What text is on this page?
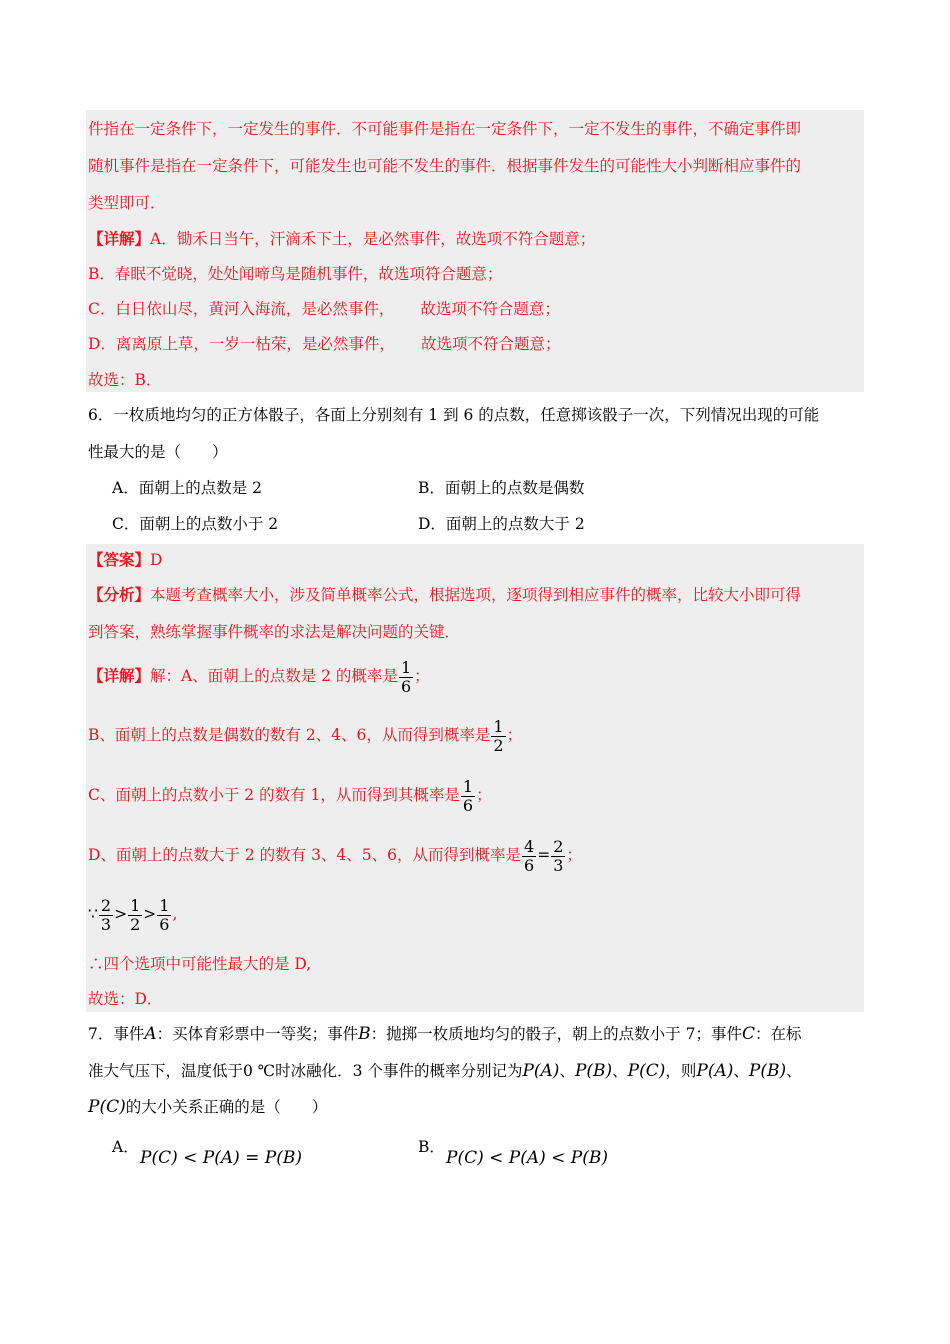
件指在一定条件下，一定发生的事件．不可能事件是指在一定条件下，一定不发生的事件，不确定事件即
随机事件是指在一定条件下，可能发生也可能不发生的事件．根据事件发生的可能性大小判断相应事件的
类型即可．
【详解】A．锄禾日当午，汗滴禾下土，是必然事件，故选项不符合题意；
B．春眠不觉晓，处处闻啼鸟是随机事件，故选项符合题意；
C．白日依山尽，黄河入海流，是必然事件， 故选项不符合题意；
D．离离原上草，一岁一枯荣，是必然事件， 故选项不符合题意；
故选：B．
6．一枚质地均匀的正方体骰子，各面上分别刻有 1 到 6 的点数，任意掷该骰子一次，下列情况出现的可能
性最大的是（　　）
A．面朝上的点数是 2	B．面朝上的点数是偶数
C．面朝上的点数小于 2	D．面朝上的点数大于 2
【答案】D
【分析】本题考查概率大小，涉及简单概率公式，根据选项，逐项得到相应事件的概率，比较大小即可得
到答案，熟练掌握事件概率的求法是解决问题的关键．
【详解】解：A、面朝上的点数是 2 的概率是 $\frac{1}{6}$ ；
B、面朝上的点数是偶数的数有 2、4、6，从而得到概率是 $\frac{1}{2}$ ；
C、面朝上的点数小于 2 的数有 1，从而得到其概率是 $\frac{1}{6}$ ；
D、面朝上的点数大于 2 的数有 3、4、5、6，从而得到概率是 $\frac{4}{6} = \frac{2}{3}$ ；
∵ $\frac{2}{3} > \frac{1}{2} > \frac{1}{6}$ ,
∴四个选项中可能性最大的是 D,
故选：D．
7．事件A：买体育彩票中一等奖；事件B：抛掷一枚质地均匀的骰子，朝上的点数小于 7；事件C：在标
准大气压下，温度低于0 ℃时冰融化．3 个事件的概率分别记为P(A)、P(B)、P(C)，则P(A)、P(B)、
P(C)的大小关系正确的是（　　）
A．
P(C) < P(A) = P(B)
B．
P(C) < P(A) < P(B)
